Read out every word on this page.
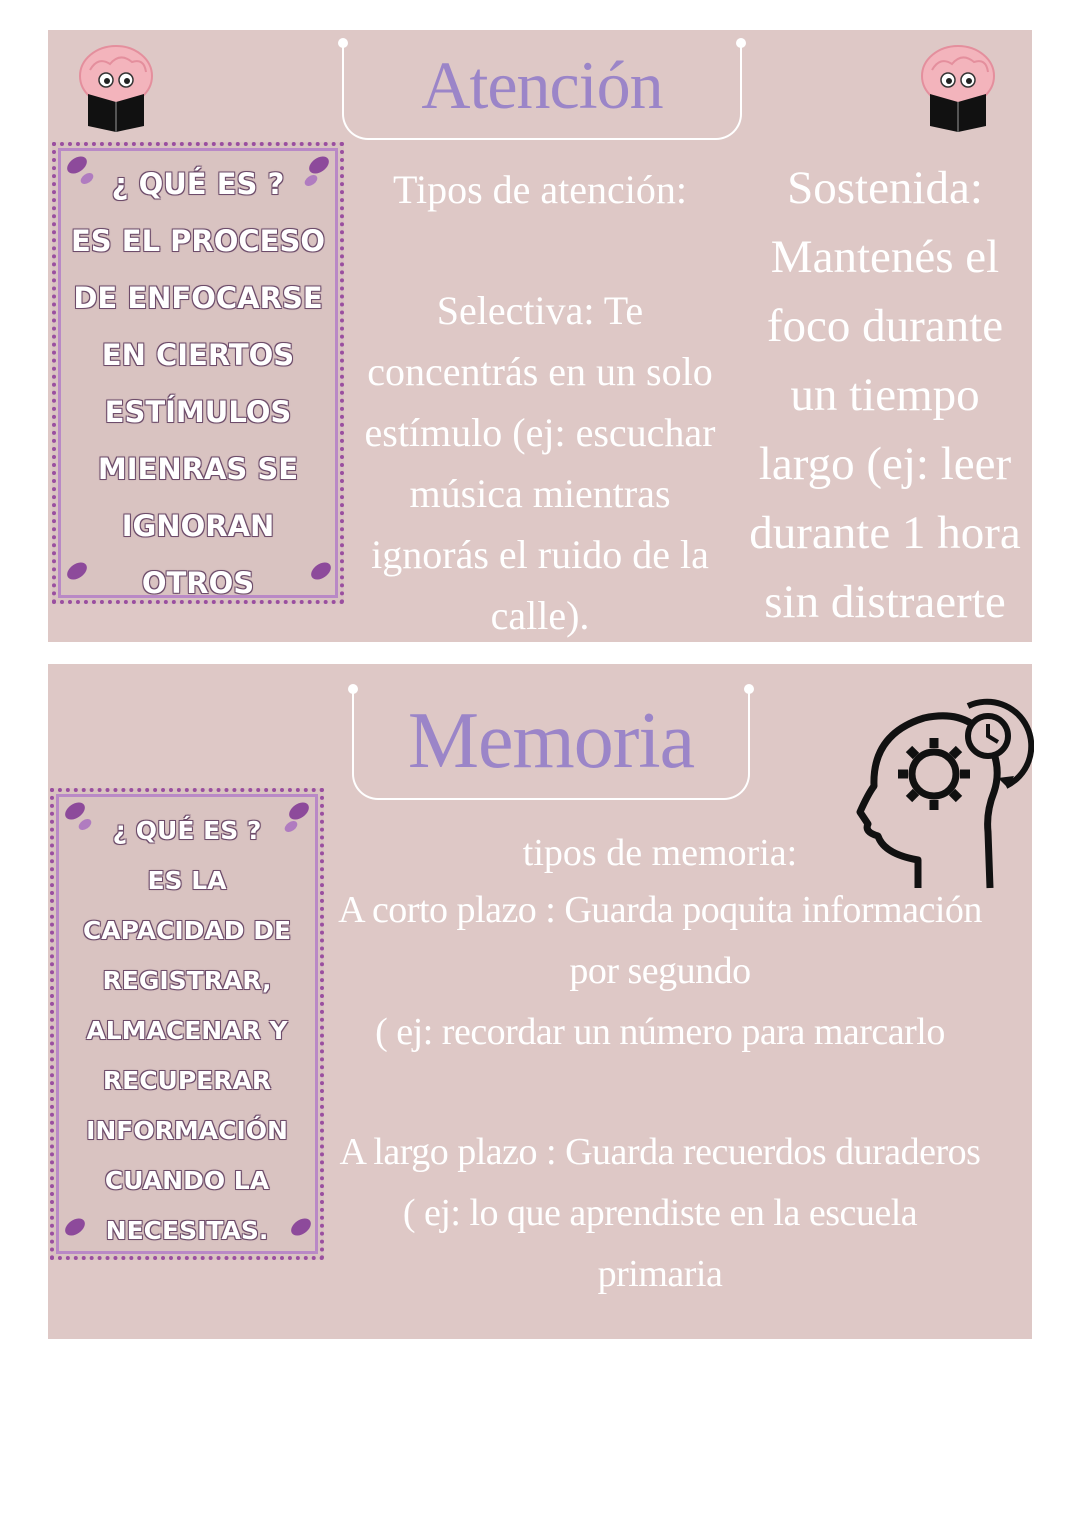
Atención
¿ QUÉ ES ?
ES EL PROCESO
DE ENFOCARSE
EN CIERTOS
ESTÍMULOS
MIENRAS SE
IGNORAN
OTROS
Tipos de atención:
Selectiva: Te
concentrás en un solo
estímulo (ej: escuchar
música mientras
ignorás el ruido de la
calle).
Sostenida:
Mantenés el
foco durante
un tiempo
largo (ej: leer
durante 1 hora
sin distraerte
Memoria
¿ QUÉ ES ?
ES LA
CAPACIDAD DE
REGISTRAR,
ALMACENAR Y
RECUPERAR
INFORMACIÓN
CUANDO LA
NECESITAS.
tipos de memoria:
A corto plazo : Guarda poquita información
por segundo
( ej: recordar un número para marcarlo
A largo plazo : Guarda recuerdos duraderos
( ej: lo que aprendiste en la escuela
primaria
